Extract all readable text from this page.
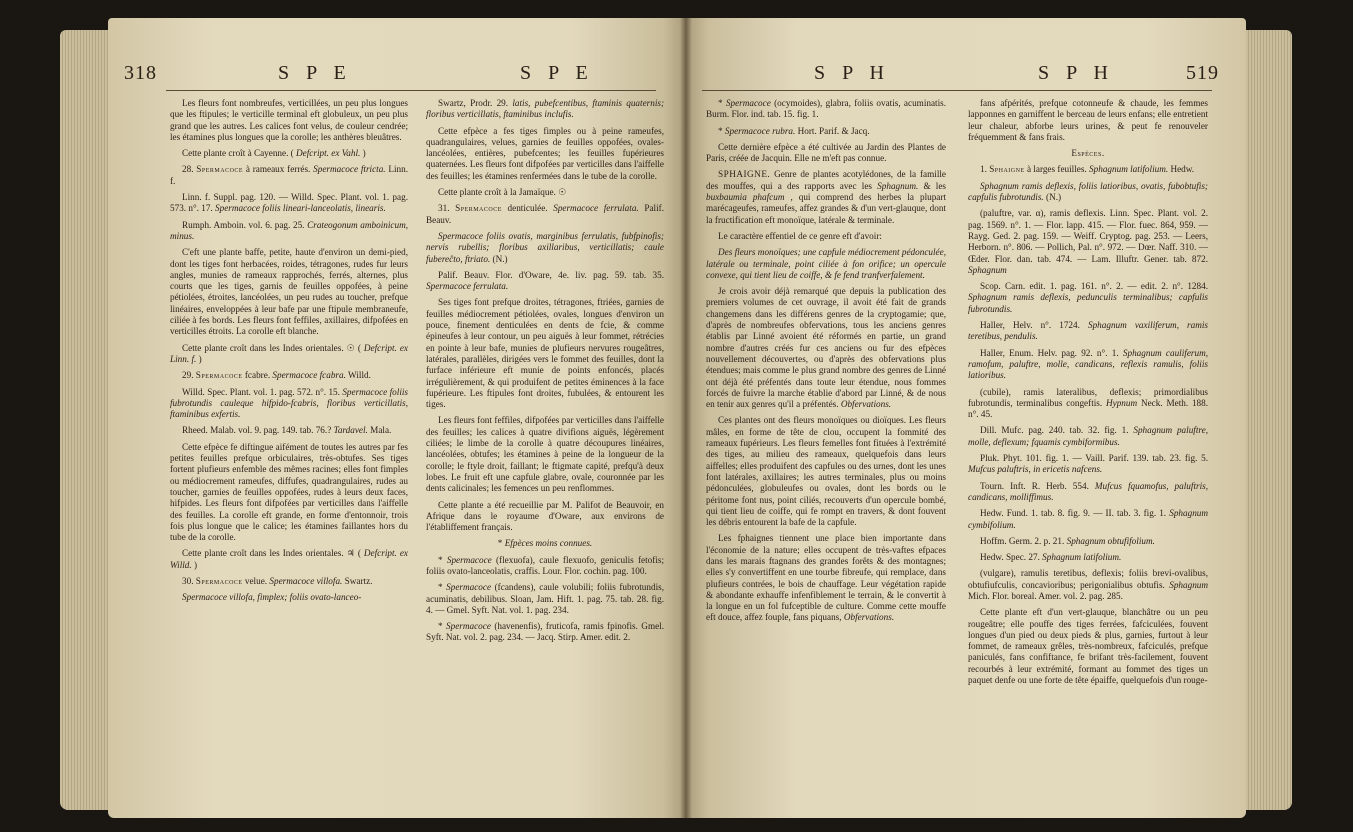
318	S P E	S P E

Les fleurs font nombreufes, verticillées, un peu plus longues que les ftipules; le verticille terminal eft globuleux, un peu plus grand que les autres. Les calices font velus, de couleur cendrée; les étamines plus longues que la corolle; les anthères bleuâtres.

Cette plante croît à Cayenne. ( Defcript. ex Vahl. )

28. Spermacoce à rameaux ferrés. Spermacoce ftricta. Linn. f.

Linn. f. Suppl. pag. 120. — Willd. Spec. Plant. vol. 1. pag. 573. n°. 17. Spermacoce foliis lineari-lanceolatis, linearis.

Rumph. Amboin. vol. 6. pag. 25. Crateogonum amboinicum, minus.

C'eft une plante baffe, petite, haute d'environ un demi-pied, dont les tiges font herbacées, roides, tétragones, rudes fur leurs angles, munies de rameaux rapprochés, ferrés, alternes, plus courts que les tiges, garnis de feuilles oppofées, à peine pétiolées, étroites, lancéolées, un peu rudes au toucher, prefque linéaires, enveloppées à leur bafe par une ftipule membraneufe, ciliée à fes bords. Les fleurs font feffiles, axillaires, difpofées en verticilles étroits. La corolle eft blanche.

Cette plante croît dans les Indes orientales. ☉ ( Defcript. ex Linn. f. )

29. Spermacoce fcabre. Spermacoce fcabra. Willd.

Willd. Spec. Plant. vol. 1. pag. 572. n°. 15. Spermacoce foliis fubrotundis cauleque hifpido-fcabris, floribus verticillatis, ftaminibus exfertis.

Rheed. Malab. vol. 9. pag. 149. tab. 76.? Tardavel. Mala.

Cette efpèce fe diftingue aifément de toutes les autres par fes petites feuilles prefque orbiculaires, très-obtufes. Ses tiges fortent plufieurs enfemble des mêmes racines; elles font fimples ou médiocrement rameufes, diffufes, quadrangulaires, rudes au toucher, garnies de feuilles oppofées, rudes à leurs deux faces, hifpides. Les fleurs font difpofées par verticilles dans l'aiffelle des feuilles. La corolle eft grande, en forme d'entonnoir, trois fois plus longue que le calice; les étamines faillantes hors du tube de la corolle.

Cette plante croît dans les Indes orientales. ♃ ( Defcript. ex Willd. )

30. Spermacoce velue. Spermacoce villofa. Swartz.

Spermacoce villofa, fimplex; foliis ovato-lanceo-

Swartz, Prodr. 29. latis, pubefcentibus, ftaminis quaternis; floribus verticillatis, ftaminibus inclufis.

Cette efpèce a fes tiges fimples ou à peine rameufes, quadrangulaires, velues, garnies de feuilles oppofées, ovales-lancéolées, entières, pubefcentes; les feuilles fupérieures quaternées. Les fleurs font difpofées par verticilles dans l'aiffelle des feuilles; les étamines renfermées dans le tube de la corolle.

Cette plante croît à la Jamaïque. ☉

31. Spermacoce denticulée. Spermacoce ferrulata. Palif. Beauv.

Spermacoce foliis ovatis, marginibus ferrulatis, fubfpinofis; nervis rubellis; floribus axillaribus, verticillatis; caule fubereĉto, ftriato. (N.)

Palif. Beauv. Flor. d'Oware, 4e. liv. pag. 59. tab. 35. Spermacoce ferrulata.

Ses tiges font prefque droites, tétragones, ftriées, garnies de feuilles médiocrement pétiolées, ovales, longues d'environ un pouce, finement denticulées en dents de fcie, & comme épineufes à leur contour, un peu aiguës à leur fommet, rétrécies en pointe à leur bafe, munies de plufieurs nervures rougeâtres, latérales, parallèles, dirigées vers le fommet des feuilles, dont la furface inférieure eft munie de points enfoncés, placés irrégulièrement, & qui produifent de petites éminences à la face fupérieure. Les ftipules font droites, fubulées, & entourent les tiges.

Les fleurs font feffiles, difpofées par verticilles dans l'aiffelle des feuilles; les calices à quatre divifions aiguës, légèrement ciliées; le limbe de la corolle à quatre découpures linéaires, lancéolées, obtufes; les étamines à peine de la longueur de la corolle; le ftyle droit, faillant; le ftigmate capité, prefqu'à deux lobes. Le fruit eft une capfule glabre, ovale, couronnée par les dents calicinales; les femences un peu renflommes.

Cette plante a été recueillie par M. Palifot de Beauvoir, en Afrique dans le royaume d'Oware, aux environs de l'établiffement français.

* Efpèces moins connues.

* Spermacoce (flexuofa), caule flexuofo, geniculis fetofis; foliis ovato-lanceolatis, craffis. Lour. Flor. cochin. pag. 100.

* Spermacoce (fcandens), caule volubili; foliis fubrotundis, acuminatis, debilibus. Sloan, Jam. Hift. 1. pag. 75. tab. 28. fig. 4. — Gmel. Syft. Nat. vol. 1. pag. 234.

* Spermacoce (havenenfis), fruticofa, ramis fpinofis. Gmel. Syft. Nat. vol. 2. pag. 234. — Jacq. Stirp. Amer. edit. 2.

S P H	S P H	519

* Spermacoce (ocymoides), glabra, foliis ovatis, acuminatis. Burm. Flor. ind. tab. 15. fig. 1.

* Spermacoce rubra. Hort. Parif. & Jacq.

Cette dernière efpèce a été cultivée au Jardin des Plantes de Paris, créée de Jacquin. Elle ne m'eft pas connue.

SPHAIGNE. Genre de plantes acotylédones, de la famille des mouffes, qui a des rapports avec les Sphagnum. & les buxbaumia phafcum , qui comprend des herbes la plupart marécageufes, rameufes, affez grandes & d'un vert-glauque, dont la fructification eft monoïque, latérale & terminale.

Le caractère effentiel de ce genre eft d'avoir:

Des fleurs monoïques; une capfule médiocrement pédonculée, latérale ou terminale, point ciliée à fon orifice; un opercule convexe, qui tient lieu de coiffe, & fe fend tranfverfalement.

Je crois avoir déjà remarqué que depuis la publication des premiers volumes de cet ouvrage, il avoit été fait de grands changemens dans les différens genres de la cryptogamie; que, d'après de nombreufes obfervations, tous les anciens genres établis par Linné avoient été réformés en partie, un grand nombre d'autres créés fur ces anciens ou fur des efpèces nouvellement découvertes, ou d'après des obfervations plus étendues; mais comme le plus grand nombre des genres de Linné ont déjà été préfentés dans toute leur étendue, nous fommes forcés de fuivre la marche établie d'abord par Linné, & de nous en tenir aux genres qu'il a préfentés. Obfervations.

Ces plantes ont des fleurs monoïques ou dioïques. Les fleurs mâles, en forme de tête de clou, occupent la fommité des rameaux fupérieurs. Les fleurs femelles font fituées à l'extrémité des tiges, au milieu des rameaux, quelquefois dans leurs aiffelles; elles produifent des capfules ou des urnes, dont les unes font latérales, axillaires; les autres terminales, plus ou moins pédonculées, globuleufes ou ovales, dont les bords ou le péritome font nus, point ciliés, recouverts d'un opercule bombé, qui tient lieu de coiffe, qui fe rompt en travers, & dont fouvent les débris entourent la bafe de la capfule.

Les fphaignes tiennent une place bien importante dans l'économie de la nature; elles occupent de très-vaftes efpaces dans les marais ftagnans des grandes forêts & des montagnes; elles s'y convertiffent en une tourbe fibreufe, qui remplace, dans plufieurs contrées, le bois de chauffage. Leur végétation rapide & abondante exhauffe infenfiblement le terrain, & le convertit à la longue en un fol fufceptible de culture. Comme cette mouffe eft douce, affez fouple, fans piquans, Obfervations.

fans afpérités, prefque cotonneufe & chaude, les femmes lapponnes en garniffent le berceau de leurs enfans; elle entretient leur chaleur, abforbe leurs urines, & peut fe renouveler fréquemment & fans frais.

Espèces.

1. Sphaigne à larges feuilles. Sphagnum latifolium. Hedw.

Sphagnum ramis deflexis, foliis latioribus, ovatis, fubobtufis; capfulis fubrotundis. (N.)

(paluftre, var. α), ramis deflexis. Linn. Spec. Plant. vol. 2. pag. 1569. n°. 1. — Flor. lapp. 415. — Flor. fuec. 864, 959. — Rayg. Ged. 2. pag. 159. — Weiff. Cryptog. pag. 253. — Leers, Herborn. n°. 806. — Pollich, Pal. n°. 972. — Dœr. Naff. 310. — Œder. Flor. dan. tab. 474. — Lam. Illuftr. Gener. tab. 872. Sphagnum

Scop. Carn. edit. 1. pag. 161. n°. 2. — edit. 2. n°. 1284. Sphagnum ramis deflexis, pedunculis terminalibus; capfulis fubrotundis.

Haller, Helv. n°. 1724. Sphagnum vaxiliferum, ramis teretibus, pendulis.

Haller, Enum. Helv. pag. 92. n°. 1. Sphagnum cauliferum, ramofum, paluftre, molle, candicans, reflexis ramulis, foliis latioribus.

(cubile), ramis lateralibus, deflexis; primordialibus fubrotundis, terminalibus congeftis. Hypnum Neck. Meth. 188. n°. 45.

Dill. Mufc. pag. 240. tab. 32. fig. 1. Sphagnum paluftre, molle, deflexum; fquamis cymbiformibus.

Pluk. Phyt. 101. fig. 1. — Vaill. Parif. 139. tab. 23. fig. 5. Mufcus paluftris, in ericetis nafcens.

Tourn. Inft. R. Herb. 554. Mufcus fquamofus, paluftris, candicans, molliffimus.

Hedw. Fund. 1. tab. 8. fig. 9. — II. tab. 3. fig. 1. Sphagnum cymbifolium.

Hoffm. Germ. 2. p. 21. Sphagnum obtufifolium.

Hedw. Spec. 27. Sphagnum latifolium.

(vulgare), ramulis teretibus, deflexis; foliis brevi-ovalibus, obtufiufculis, concavioribus; perigonialibus obtufis. Sphagnum Mich. Flor. boreal. Amer. vol. 2. pag. 285.

Cette plante eft d'un vert-glauque, blanchâtre ou un peu rougeâtre; elle pouffe des tiges ferrées, fafciculées, fouvent longues d'un pied ou deux pieds & plus, garnies, furtout à leur fommet, de rameaux grêles, très-nombreux, fafciculés, prefque paniculés, fans confiftance, fe brifant très-facilement, fouvent recourbés à leur extrémité, formant au fommet des tiges un paquet denfe ou une forte de tête épaiffe, quelquefois d'un rouge-
